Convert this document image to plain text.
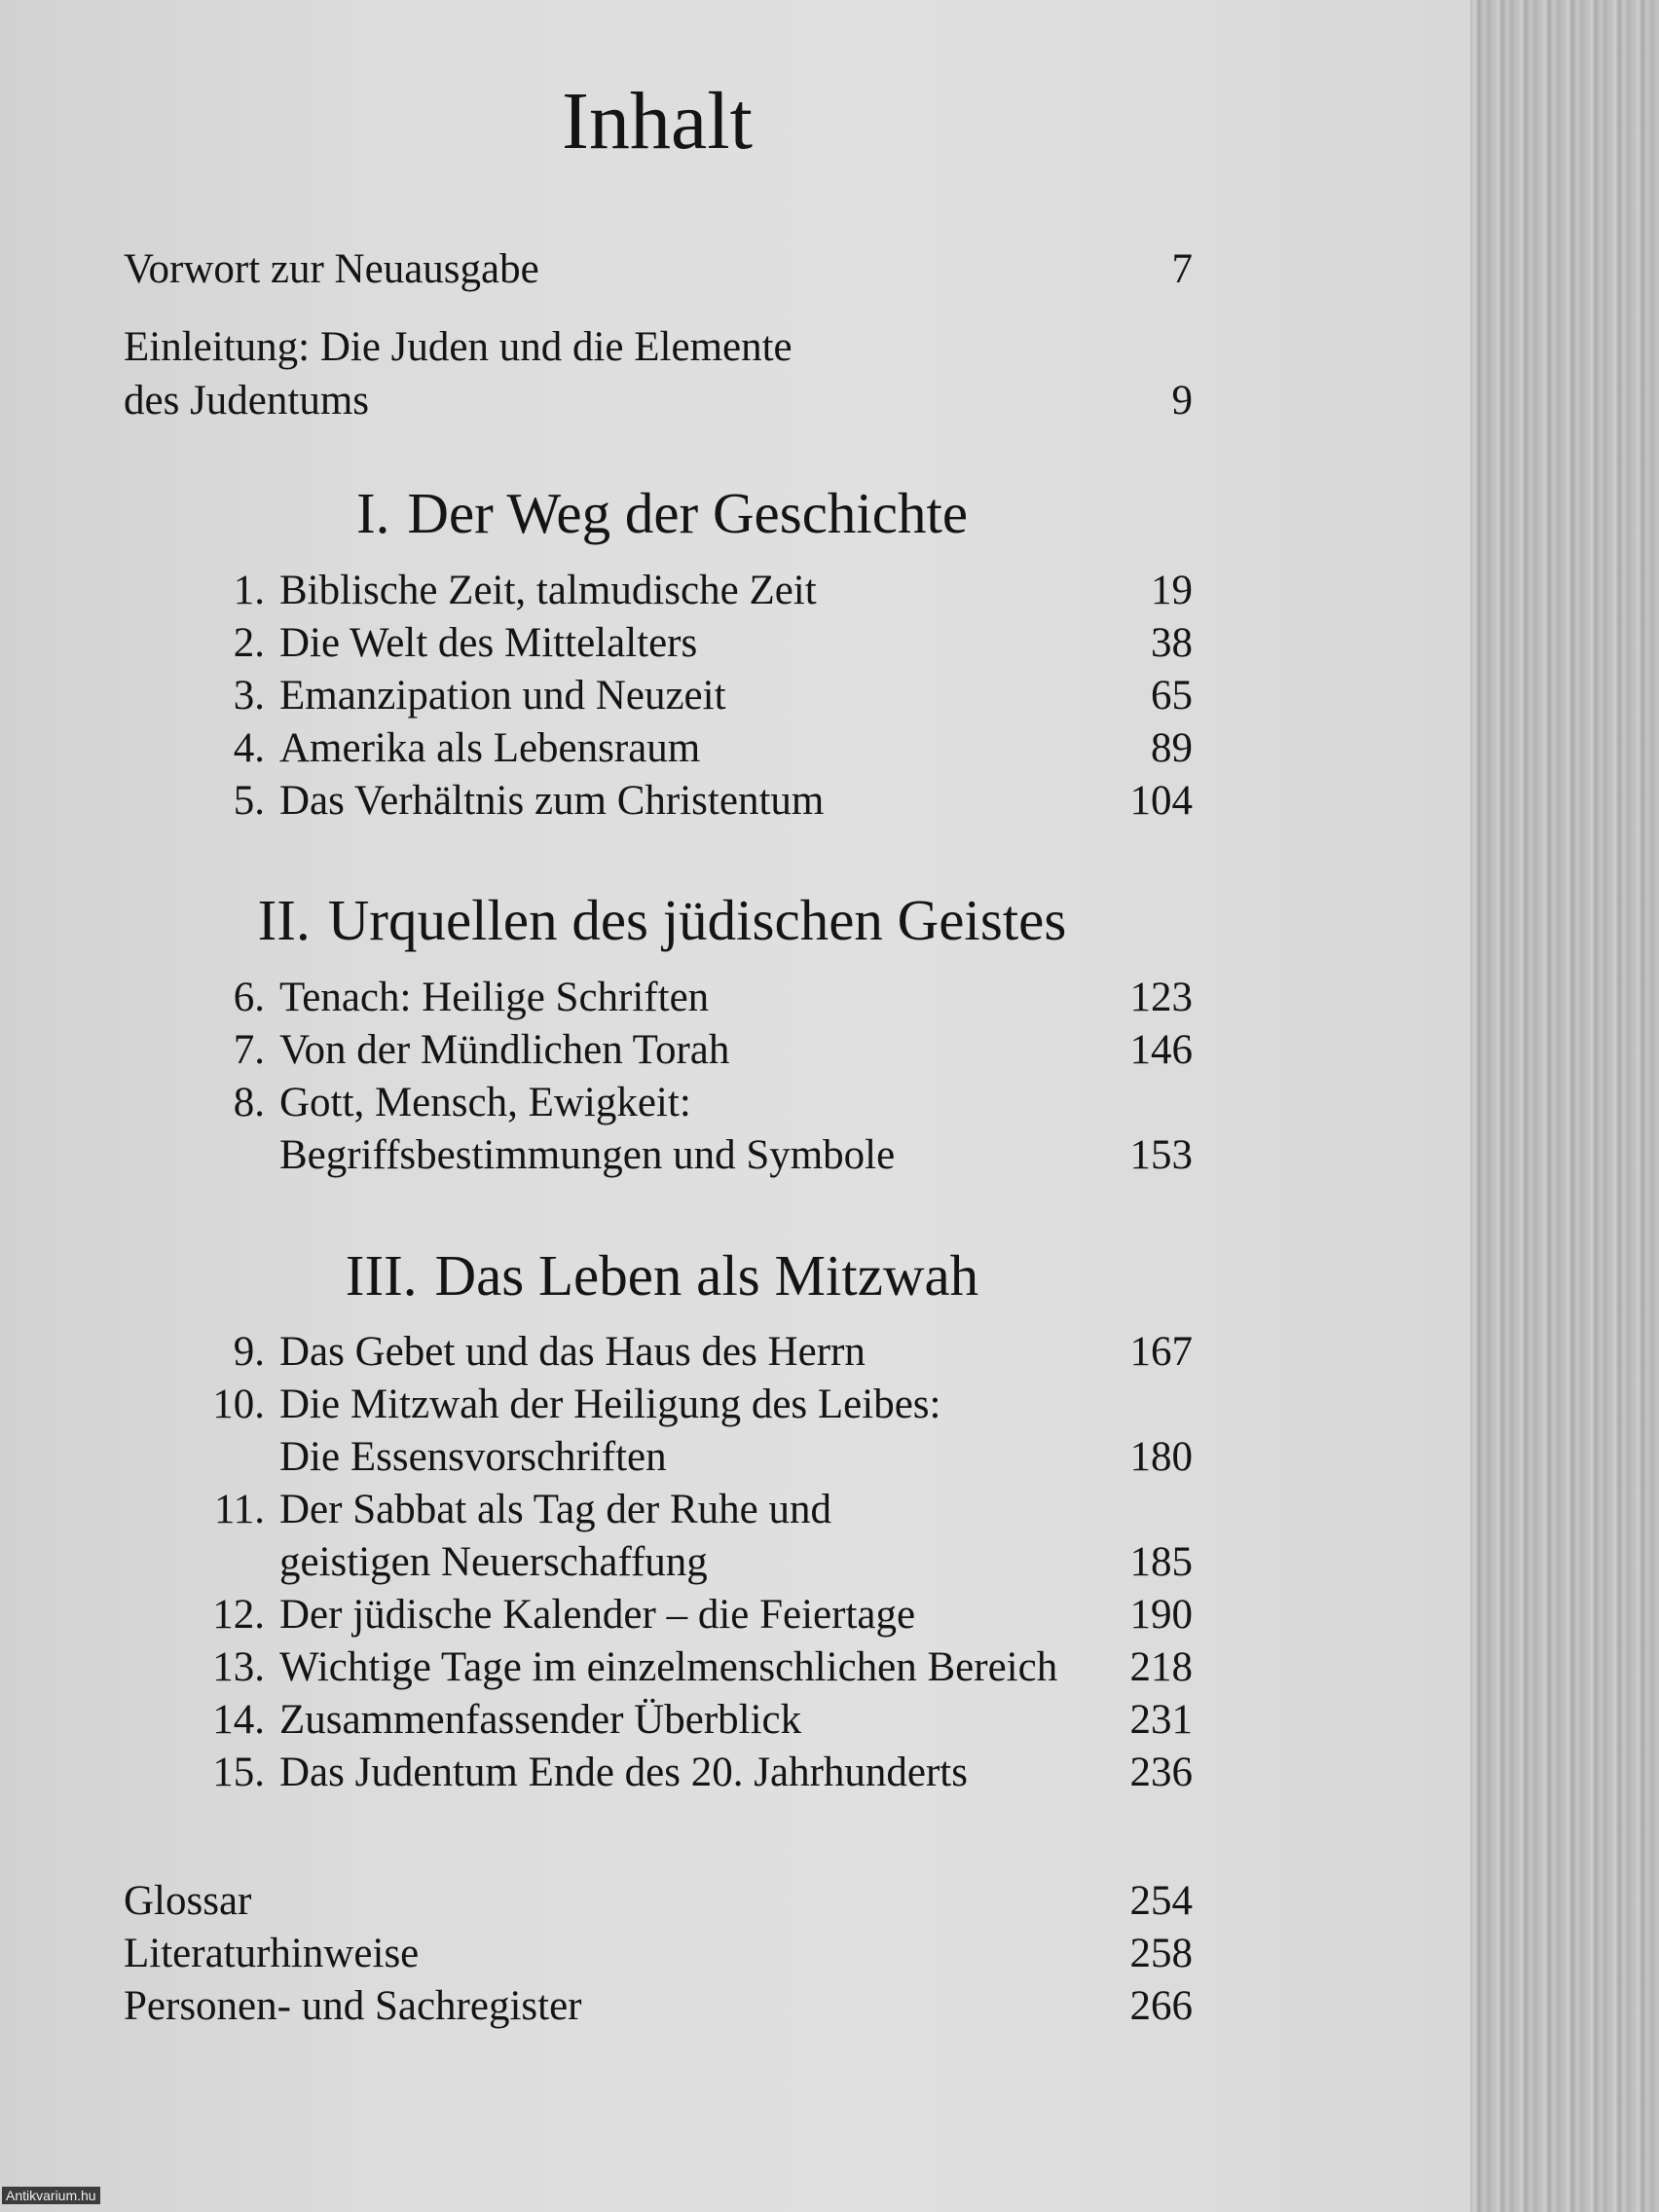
Inhalt
Vorwort zur Neuausgabe	7
Einleitung: Die Juden und die Elemente
des Judentums	9
I. Der Weg der Geschichte
1. Biblische Zeit, talmudische Zeit	19
2. Die Welt des Mittelalters	38
3. Emanzipation und Neuzeit	65
4. Amerika als Lebensraum	89
5. Das Verhältnis zum Christentum	104
II. Urquellen des jüdischen Geistes
6. Tenach: Heilige Schriften	123
7. Von der Mündlichen Torah	146
8. Gott, Mensch, Ewigkeit:
Begriffsbestimmungen und Symbole	153
III. Das Leben als Mitzwah
9. Das Gebet und das Haus des Herrn	167
10. Die Mitzwah der Heiligung des Leibes:
Die Essensvorschriften	180
11. Der Sabbat als Tag der Ruhe und
geistigen Neuerschaffung	185
12. Der jüdische Kalender – die Feiertage	190
13. Wichtige Tage im einzelmenschlichen Bereich 218
14. Zusammenfassender Überblick	231
15. Das Judentum Ende des 20. Jahrhunderts	236
Glossar	254
Literaturhinweise	258
Personen- und Sachregister	266
Antikvarium.hu
